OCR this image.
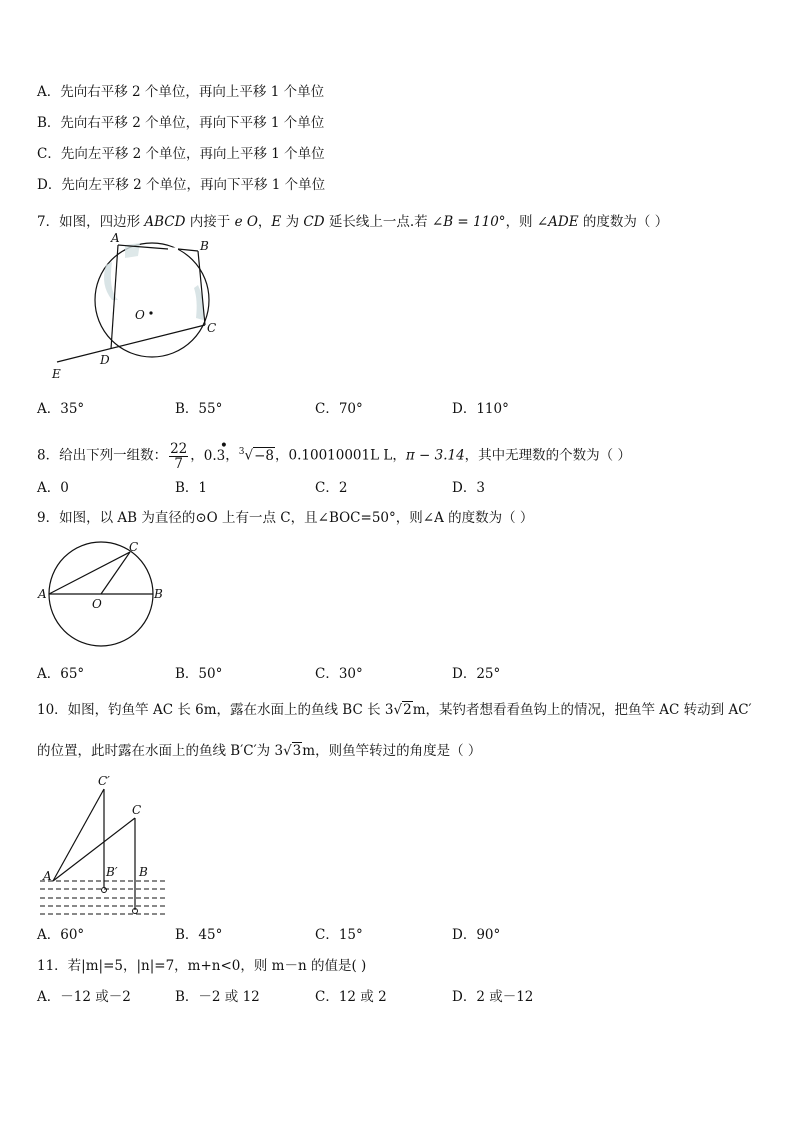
A．先向右平移 2 个单位，再向上平移 1 个单位
B．先向右平移 2 个单位，再向下平移 1 个单位
C．先向左平移 2 个单位，再向上平移 1 个单位
D．先向左平移 2 个单位，再向下平移 1 个单位
7．如图，四边形 ABCD 内接于 e O，E 为 CD 延长线上一点.若 ∠B = 110°，则 ∠ADE 的度数为（ ）
A
B
C
D
E
O
A．35°	B．55°	C．70°	D．110°
8．给出下列一组数： $\frac{22}{7}$ ，0.3
•
，$^3$√−8，0.10010001L L，π − 3.14，其中无理数的个数为（ ）
A．0	B．1	C．2	D．3
9．如图，以 AB 为直径的⊙O 上有一点 C，且∠BOC=50°，则∠A 的度数为（ ）
A	B
C
O
A．65°	B．50°	C．30°	D．25°
10．如图，钓鱼竿 AC 长 6m，露在水面上的鱼线 BC 长 3√2m，某钓者想看看鱼钩上的情况，把鱼竿 AC 转动到 AC′
的位置，此时露在水面上的鱼线 B′C′为 3√3m，则鱼竿转过的角度是（ ）
A	B′ B
C
C′
A．60°	B．45°	C．15°	D．90°
11．若|m|=5，|n|=7，m+n<0，则 m－n 的值是( )
A．－12 或－2	B．－2 或 12	C．12 或 2	D．2 或－12
